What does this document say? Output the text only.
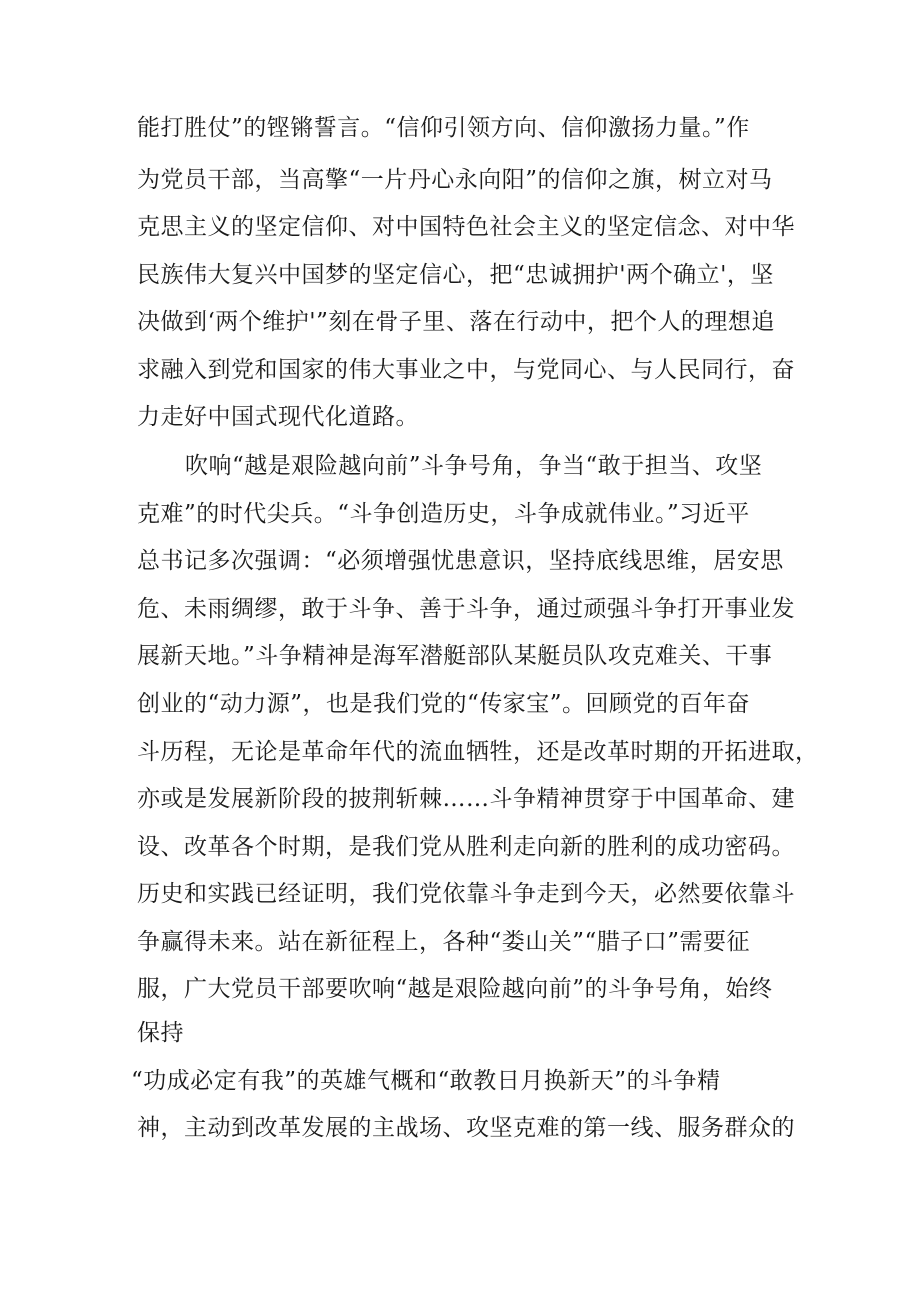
能打胜仗”的铿锵誓言。“信仰引领方向、信仰激扬力量。”作
为党员干部，当高擎“一片丹心永向阳”的信仰之旗，树立对马
克思主义的坚定信仰、对中国特色社会主义的坚定信念、对中华
民族伟大复兴中国梦的坚定信心，把“忠诚拥护'两个确立'，坚
决做到‘两个维护'”刻在骨子里、落在行动中，把个人的理想追
求融入到党和国家的伟大事业之中，与党同心、与人民同行，奋
力走好中国式现代化道路。
吹响“越是艰险越向前”斗争号角，争当“敢于担当、攻坚
克难”的时代尖兵。“斗争创造历史，斗争成就伟业。”习近平
总书记多次强调：“必须增强忧患意识，坚持底线思维，居安思
危、未雨绸缪，敢于斗争、善于斗争，通过顽强斗争打开事业发
展新天地。”斗争精神是海军潜艇部队某艇员队攻克难关、干事
创业的“动力源”，也是我们党的“传家宝”。回顾党的百年奋
斗历程，无论是革命年代的流血牺牲，还是改革时期的开拓进取，
亦或是发展新阶段的披荆斩棘……斗争精神贯穿于中国革命、建
设、改革各个时期，是我们党从胜利走向新的胜利的成功密码。
历史和实践已经证明，我们党依靠斗争走到今天，必然要依靠斗
争赢得未来。站在新征程上，各种“娄山关”“腊子口”需要征
服，广大党员干部要吹响“越是艰险越向前”的斗争号角，始终
保持
“功成必定有我”的英雄气概和“敢教日月换新天”的斗争精
神，主动到改革发展的主战场、攻坚克难的第一线、服务群众的
